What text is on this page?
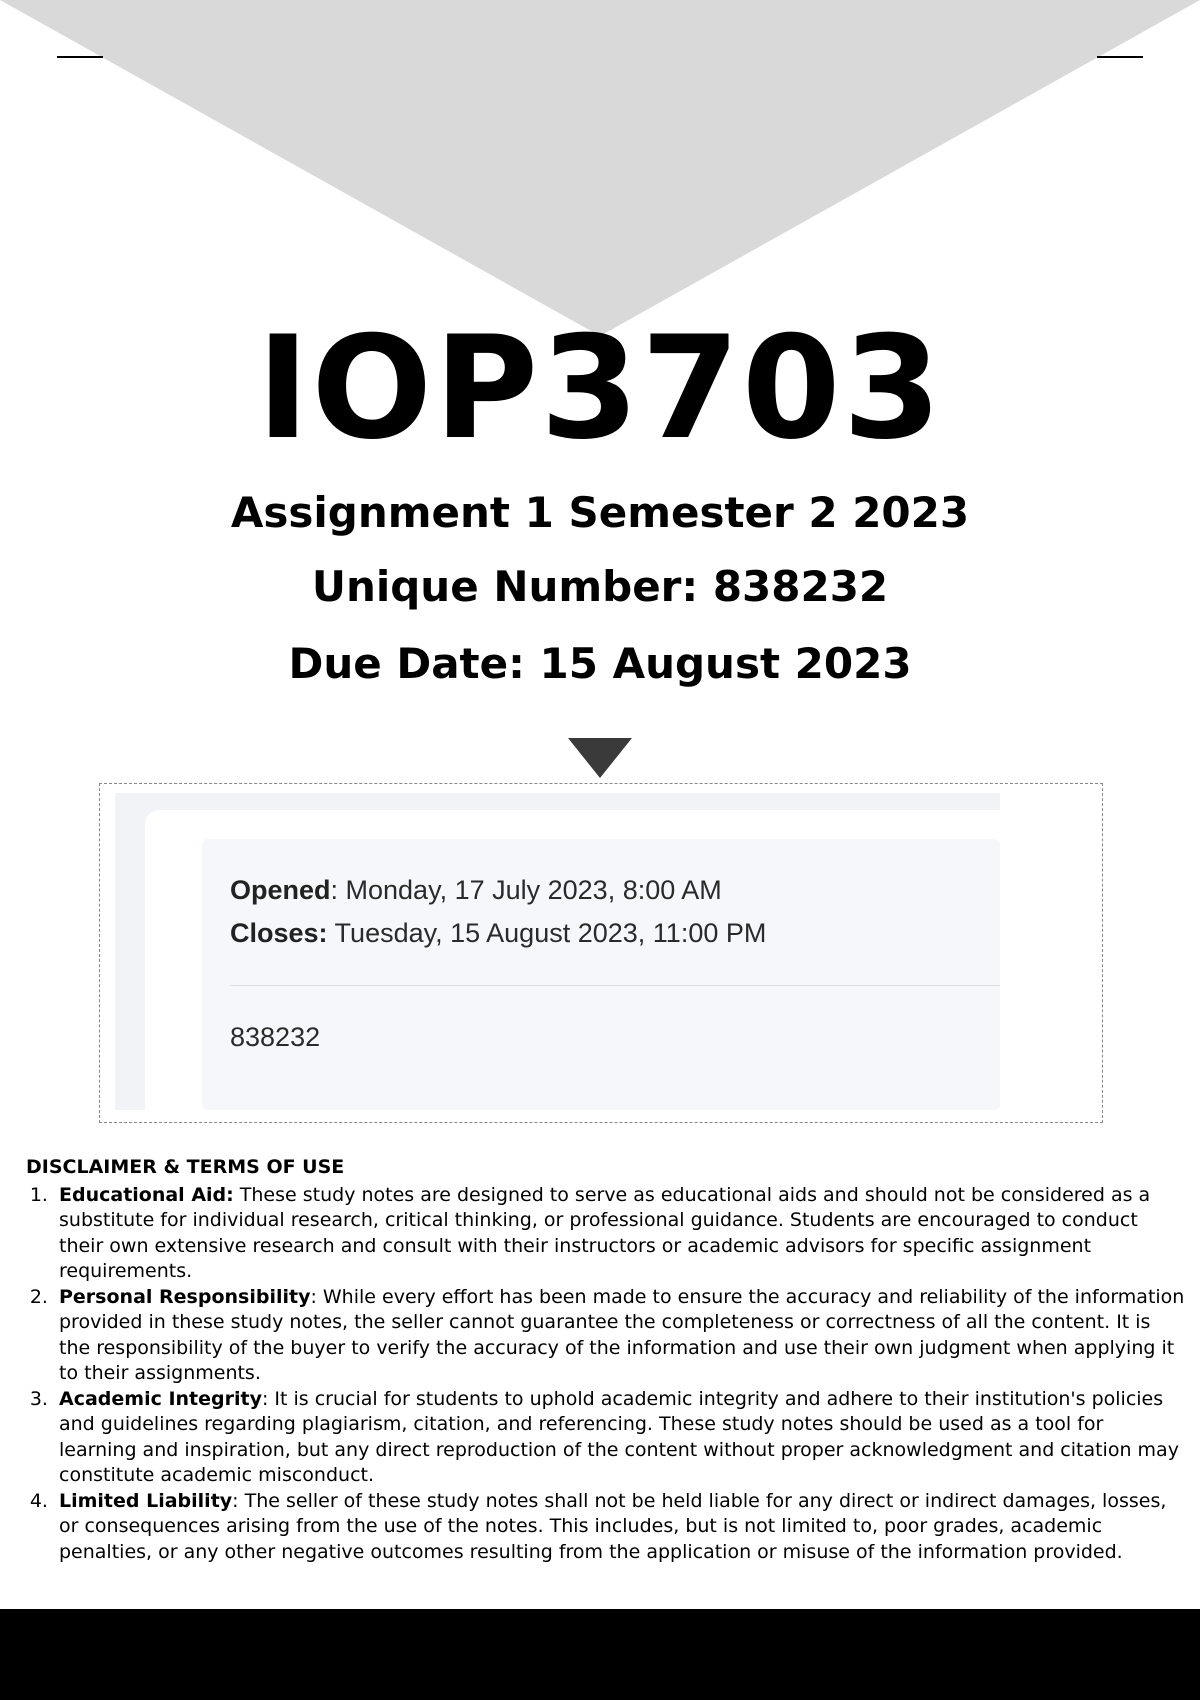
IOP3703
Assignment 1 Semester 2 2023
Unique Number: 838232
Due Date: 15 August 2023
Opened: Monday, 17 July 2023, 8:00 AM
Closes: Tuesday, 15 August 2023, 11:00 PM
838232
DISCLAIMER & TERMS OF USE
1. Educational Aid: These study notes are designed to serve as educational aids and should not be considered as a substitute for individual research, critical thinking, or professional guidance. Students are encouraged to conduct their own extensive research and consult with their instructors or academic advisors for specific assignment requirements.
2. Personal Responsibility: While every effort has been made to ensure the accuracy and reliability of the information provided in these study notes, the seller cannot guarantee the completeness or correctness of all the content. It is the responsibility of the buyer to verify the accuracy of the information and use their own judgment when applying it to their assignments.
3. Academic Integrity: It is crucial for students to uphold academic integrity and adhere to their institution's policies and guidelines regarding plagiarism, citation, and referencing. These study notes should be used as a tool for learning and inspiration, but any direct reproduction of the content without proper acknowledgment and citation may constitute academic misconduct.
4. Limited Liability: The seller of these study notes shall not be held liable for any direct or indirect damages, losses, or consequences arising from the use of the notes. This includes, but is not limited to, poor grades, academic penalties, or any other negative outcomes resulting from the application or misuse of the information provided.
